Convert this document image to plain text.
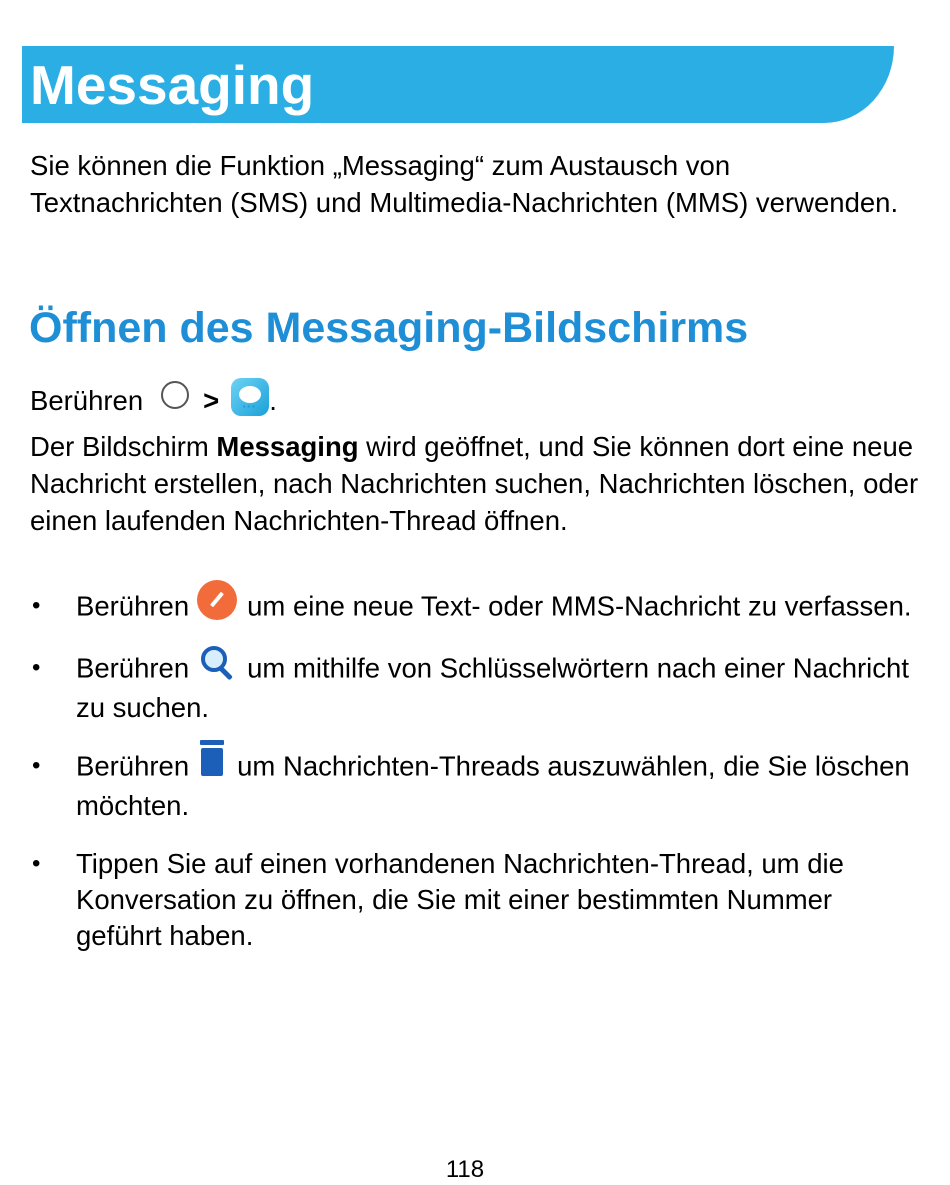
Messaging
Sie können die Funktion „Messaging“ zum Austausch von Textnachrichten (SMS) und Multimedia-Nachrichten (MMS) verwenden.
Öffnen des Messaging-Bildschirms
Berühren >
··· .
Der Bildschirm Messaging wird geöffnet, und Sie können dort eine neue Nachricht erstellen, nach Nachrichten suchen, Nachrichten löschen, oder einen laufenden Nachrichten-Thread öffnen.
• Berühren um eine neue Text- oder MMS-Nachricht zu verfassen.
• Berühren um mithilfe von Schlüsselwörtern nach einer Nachricht zu suchen.
• Berühren um Nachrichten-Threads auszuwählen, die Sie löschen möchten.
• Tippen Sie auf einen vorhandenen Nachrichten-Thread, um die Konversation zu öffnen, die Sie mit einer bestimmten Nummer geführt haben.
118
